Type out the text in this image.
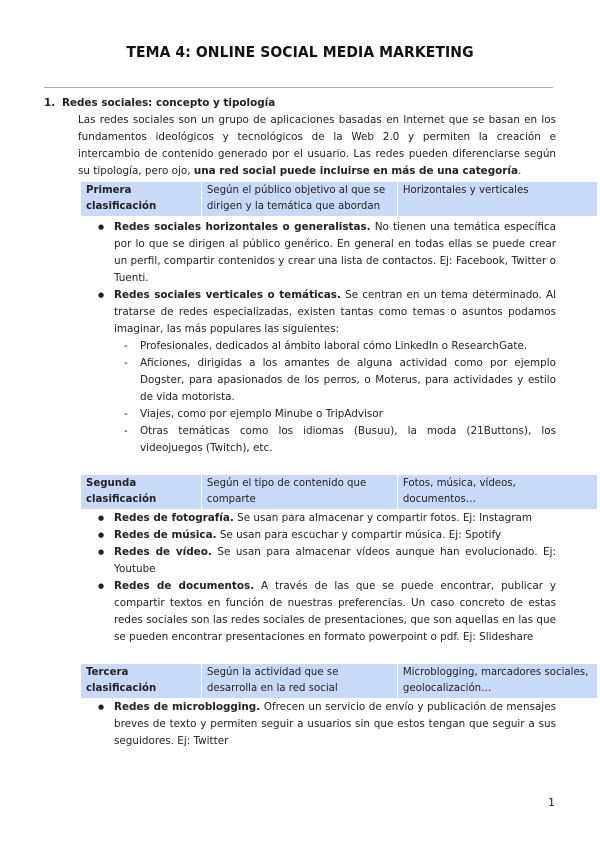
TEMA 4: ONLINE SOCIAL MEDIA MARKETING
1. Redes sociales: concepto y tipología
Las redes sociales son un grupo de aplicaciones basadas en Internet que se basan en los fundamentos ideológicos y tecnológicos de la Web 2.0 y permiten la creación e intercambio de contenido generado por el usuario. Las redes pueden diferenciarse según su tipología, pero ojo, una red social puede incluirse en más de una categoría.
Primera clasificación	Según el público objetivo al que se dirigen y la temática que abordan	Horizontales y verticales
● Redes sociales horizontales o generalistas. No tienen una temática específica por lo que se dirigen al público genérico. En general en todas ellas se puede crear un perfil, compartir contenidos y crear una lista de contactos. Ej: Facebook, Twitter o Tuenti.
● Redes sociales verticales o temáticas. Se centran en un tema determinado. Al tratarse de redes especializadas, existen tantas como temas o asuntos podamos imaginar, las más populares las siguientes:
- Profesionales, dedicados al ámbito laboral cómo LinkedIn o ResearchGate.
- Aficiones, dirigidas a los amantes de alguna actividad como por ejemplo Dogster, para apasionados de los perros, o Moterus, para actividades y estilo de vida motorista.
- Viajes, como por ejemplo Minube o TripAdvisor
- Otras temáticas como los idiomas (Busuu), la moda (21Buttons), los videojuegos (Twitch), etc.
Segunda clasificación	Según el tipo de contenido que comparte	Fotos, música, vídeos, documentos…
● Redes de fotografía. Se usan para almacenar y compartir fotos. Ej: Instagram
● Redes de música. Se usan para escuchar y compartir música. Ej: Spotify
● Redes de vídeo. Se usan para almacenar vídeos aunque han evolucionado. Ej: Youtube
● Redes de documentos. A través de las que se puede encontrar, publicar y compartir textos en función de nuestras preferencias. Un caso concreto de estas redes sociales son las redes sociales de presentaciones, que son aquellas en las que se pueden encontrar presentaciones en formato powerpoint o pdf. Ej: Slideshare
Tercera clasificación	Según la actividad que se desarrolla en la red social	Microblogging, marcadores sociales, geolocalización…
● Redes de microblogging. Ofrecen un servicio de envío y publicación de mensajes breves de texto y permiten seguir a usuarios sin que estos tengan que seguir a sus seguidores. Ej: Twitter
1
